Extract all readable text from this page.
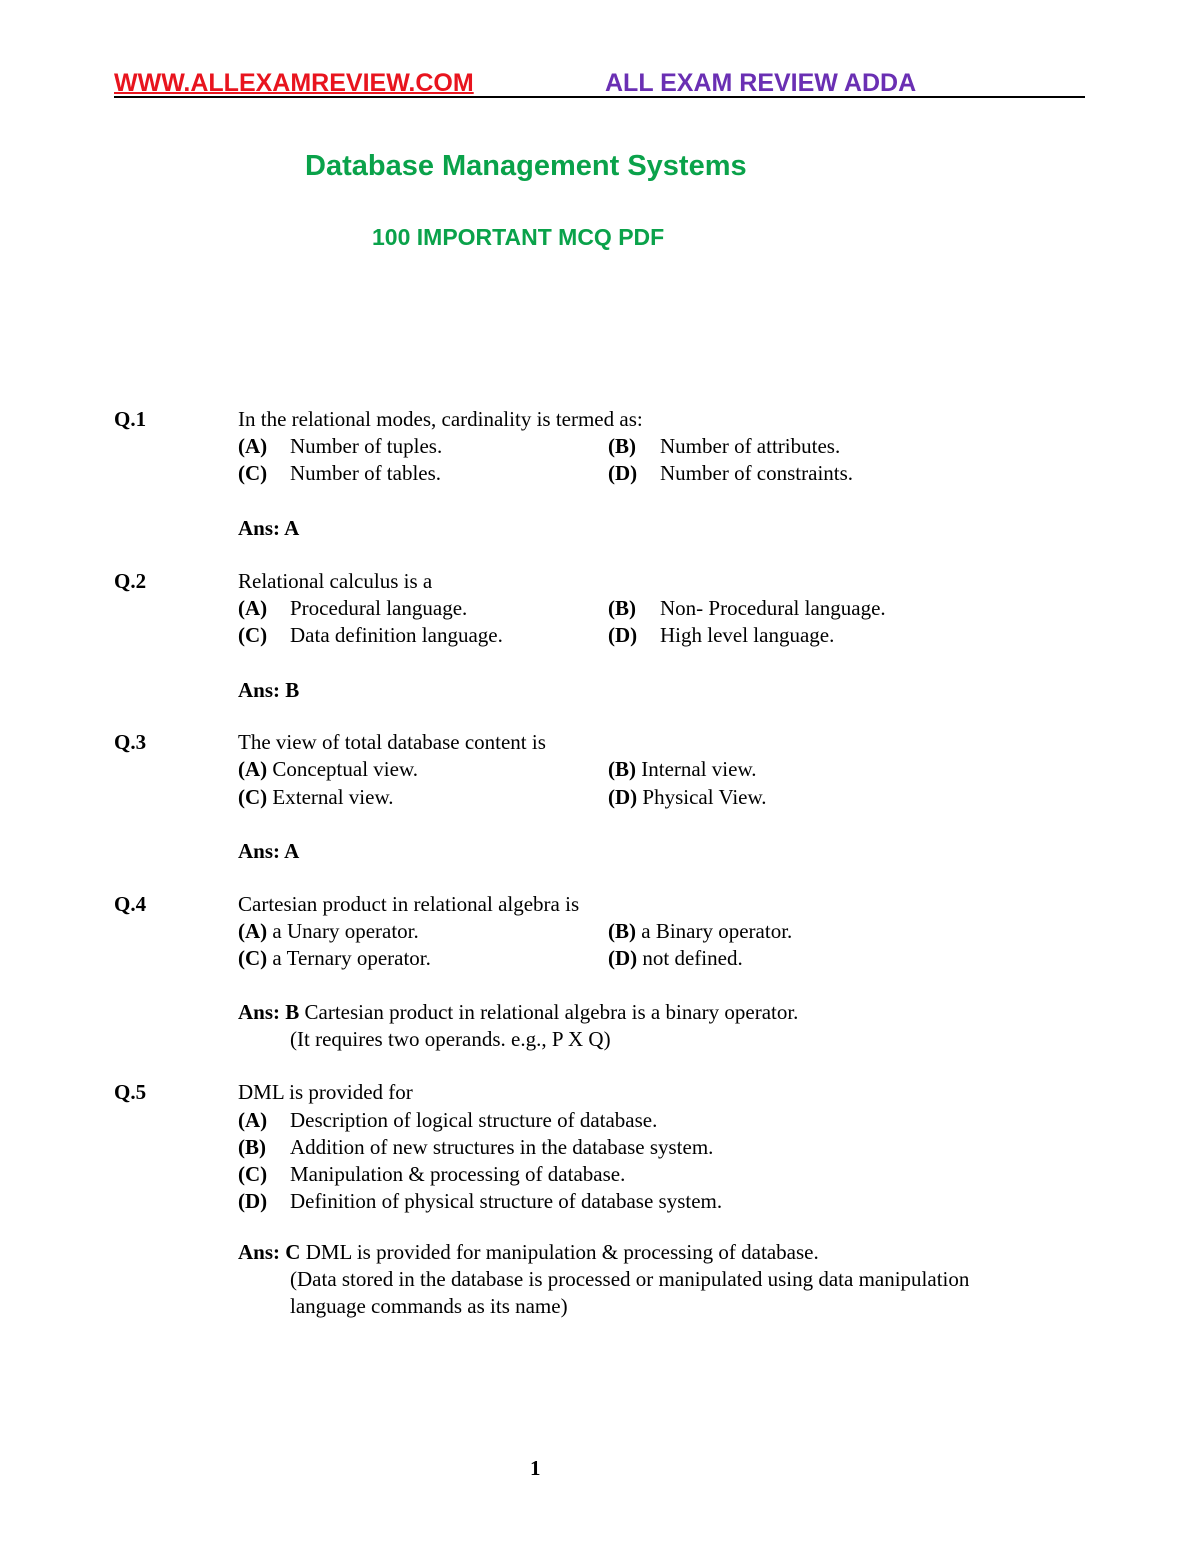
WWW.ALLEXAMREVIEW.COM	ALL EXAM REVIEW ADDA
Database Management Systems
100 IMPORTANT MCQ PDF
Q.1	In the relational modes, cardinality is termed as:
(A) Number of tuples.	(B) Number of attributes.
(C) Number of tables.	(D) Number of constraints.
Ans: A
Q.2	Relational calculus is a
(A) Procedural language.	(B) Non- Procedural language.
(C) Data definition language.	(D) High level language.
Ans: B
Q.3	The view of total database content is
(A) Conceptual view.	(B) Internal view.
(C) External view.	(D) Physical View.
Ans: A
Q.4	Cartesian product in relational algebra is
(A) a Unary operator.	(B) a Binary operator.
(C) a Ternary operator.	(D) not defined.
Ans: B Cartesian product in relational algebra is a binary operator.
(It requires two operands. e.g., P X Q)
Q.5	DML is provided for
(A) Description of logical structure of database.
(B) Addition of new structures in the database system.
(C) Manipulation & processing of database.
(D) Definition of physical structure of database system.
Ans: C DML is provided for manipulation & processing of database.
(Data stored in the database is processed or manipulated using data manipulation
language commands as its name)
1
